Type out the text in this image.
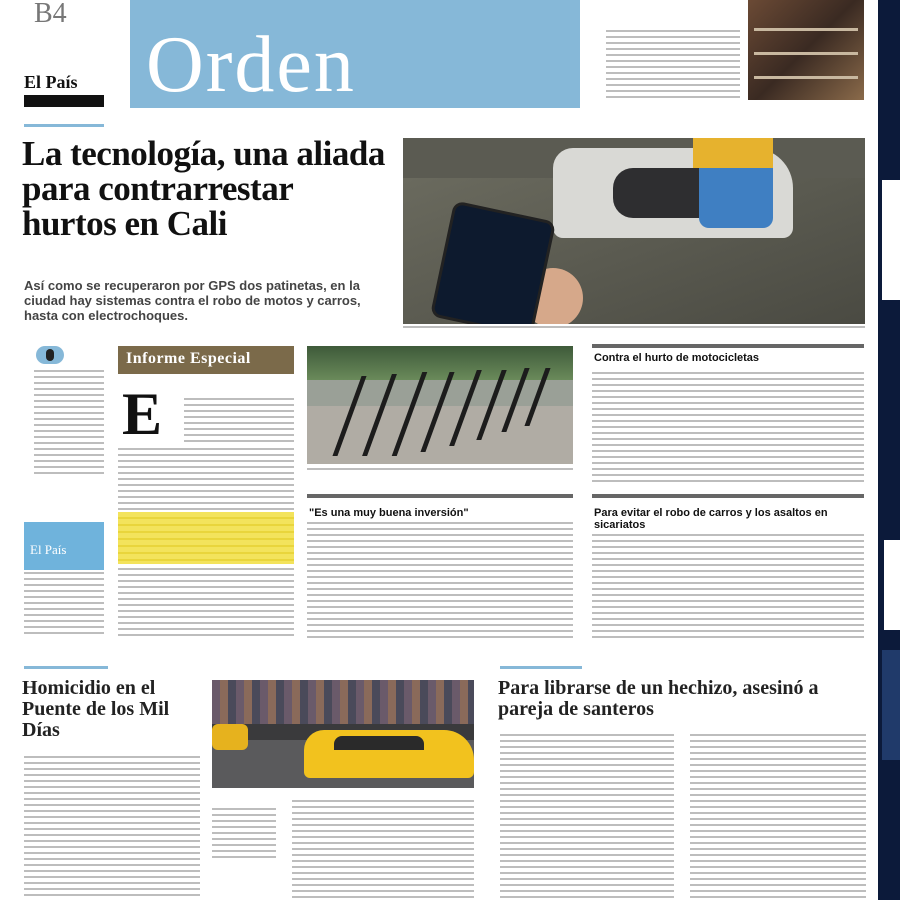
B4
El País Orden
La tecnología, una aliada para contrarrestar hurtos en Cali

Así como se recuperaron por GPS dos patinetas, en la ciudad hay sistemas contra el robo de motos y carros, hasta con electrochoques.

El País
Informe Especial
E
Contra el hurto de motocicletas
"Es una muy buena inversión"	Para evitar el robo de carros y los asaltos en sicariatos
Homicidio en el Puente de los Mil Días
Para librarse de un hechizo, asesinó a pareja de santeros
